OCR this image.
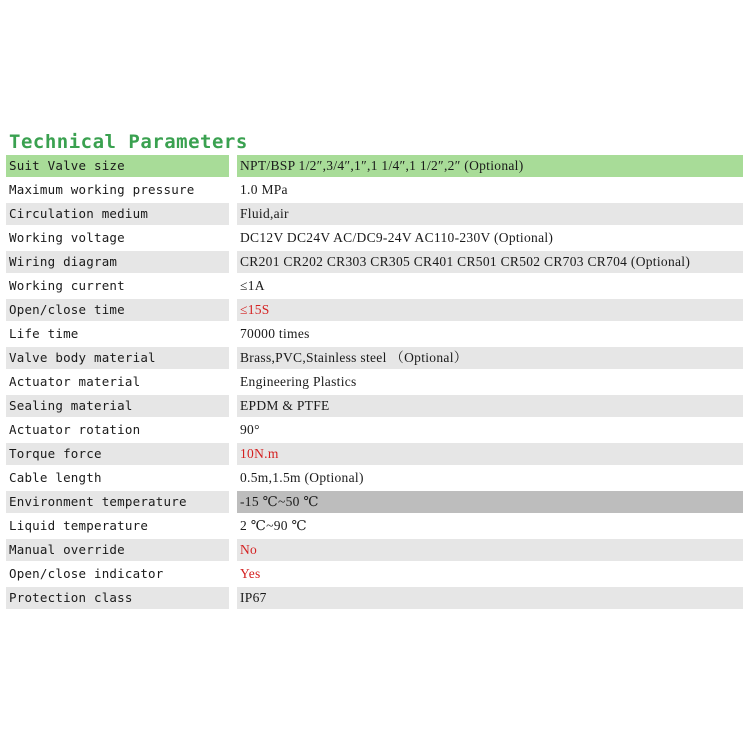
Technical Parameters
Suit Valve size	NPT/BSP 1/2″,3/4″,1″,1 1/4″,1 1/2″,2″ (Optional)
Maximum working pressure	1.0 MPa
Circulation medium	Fluid,air
Working voltage	DC12V DC24V AC/DC9-24V AC110-230V (Optional)
Wiring diagram	CR201 CR202 CR303 CR305 CR401 CR501 CR502 CR703 CR704 (Optional)
Working current	≤1A
Open/close time	≤15S
Life time	70000 times
Valve body material	Brass,PVC,Stainless steel （Optional）
Actuator material	Engineering Plastics
Sealing material	EPDM & PTFE
Actuator rotation	90°
Torque force	10N.m
Cable length	0.5m,1.5m (Optional)
Environment temperature	-15 ℃~50 ℃
Liquid temperature	2 ℃~90 ℃
Manual override	No
Open/close indicator	Yes
Protection class	IP67
